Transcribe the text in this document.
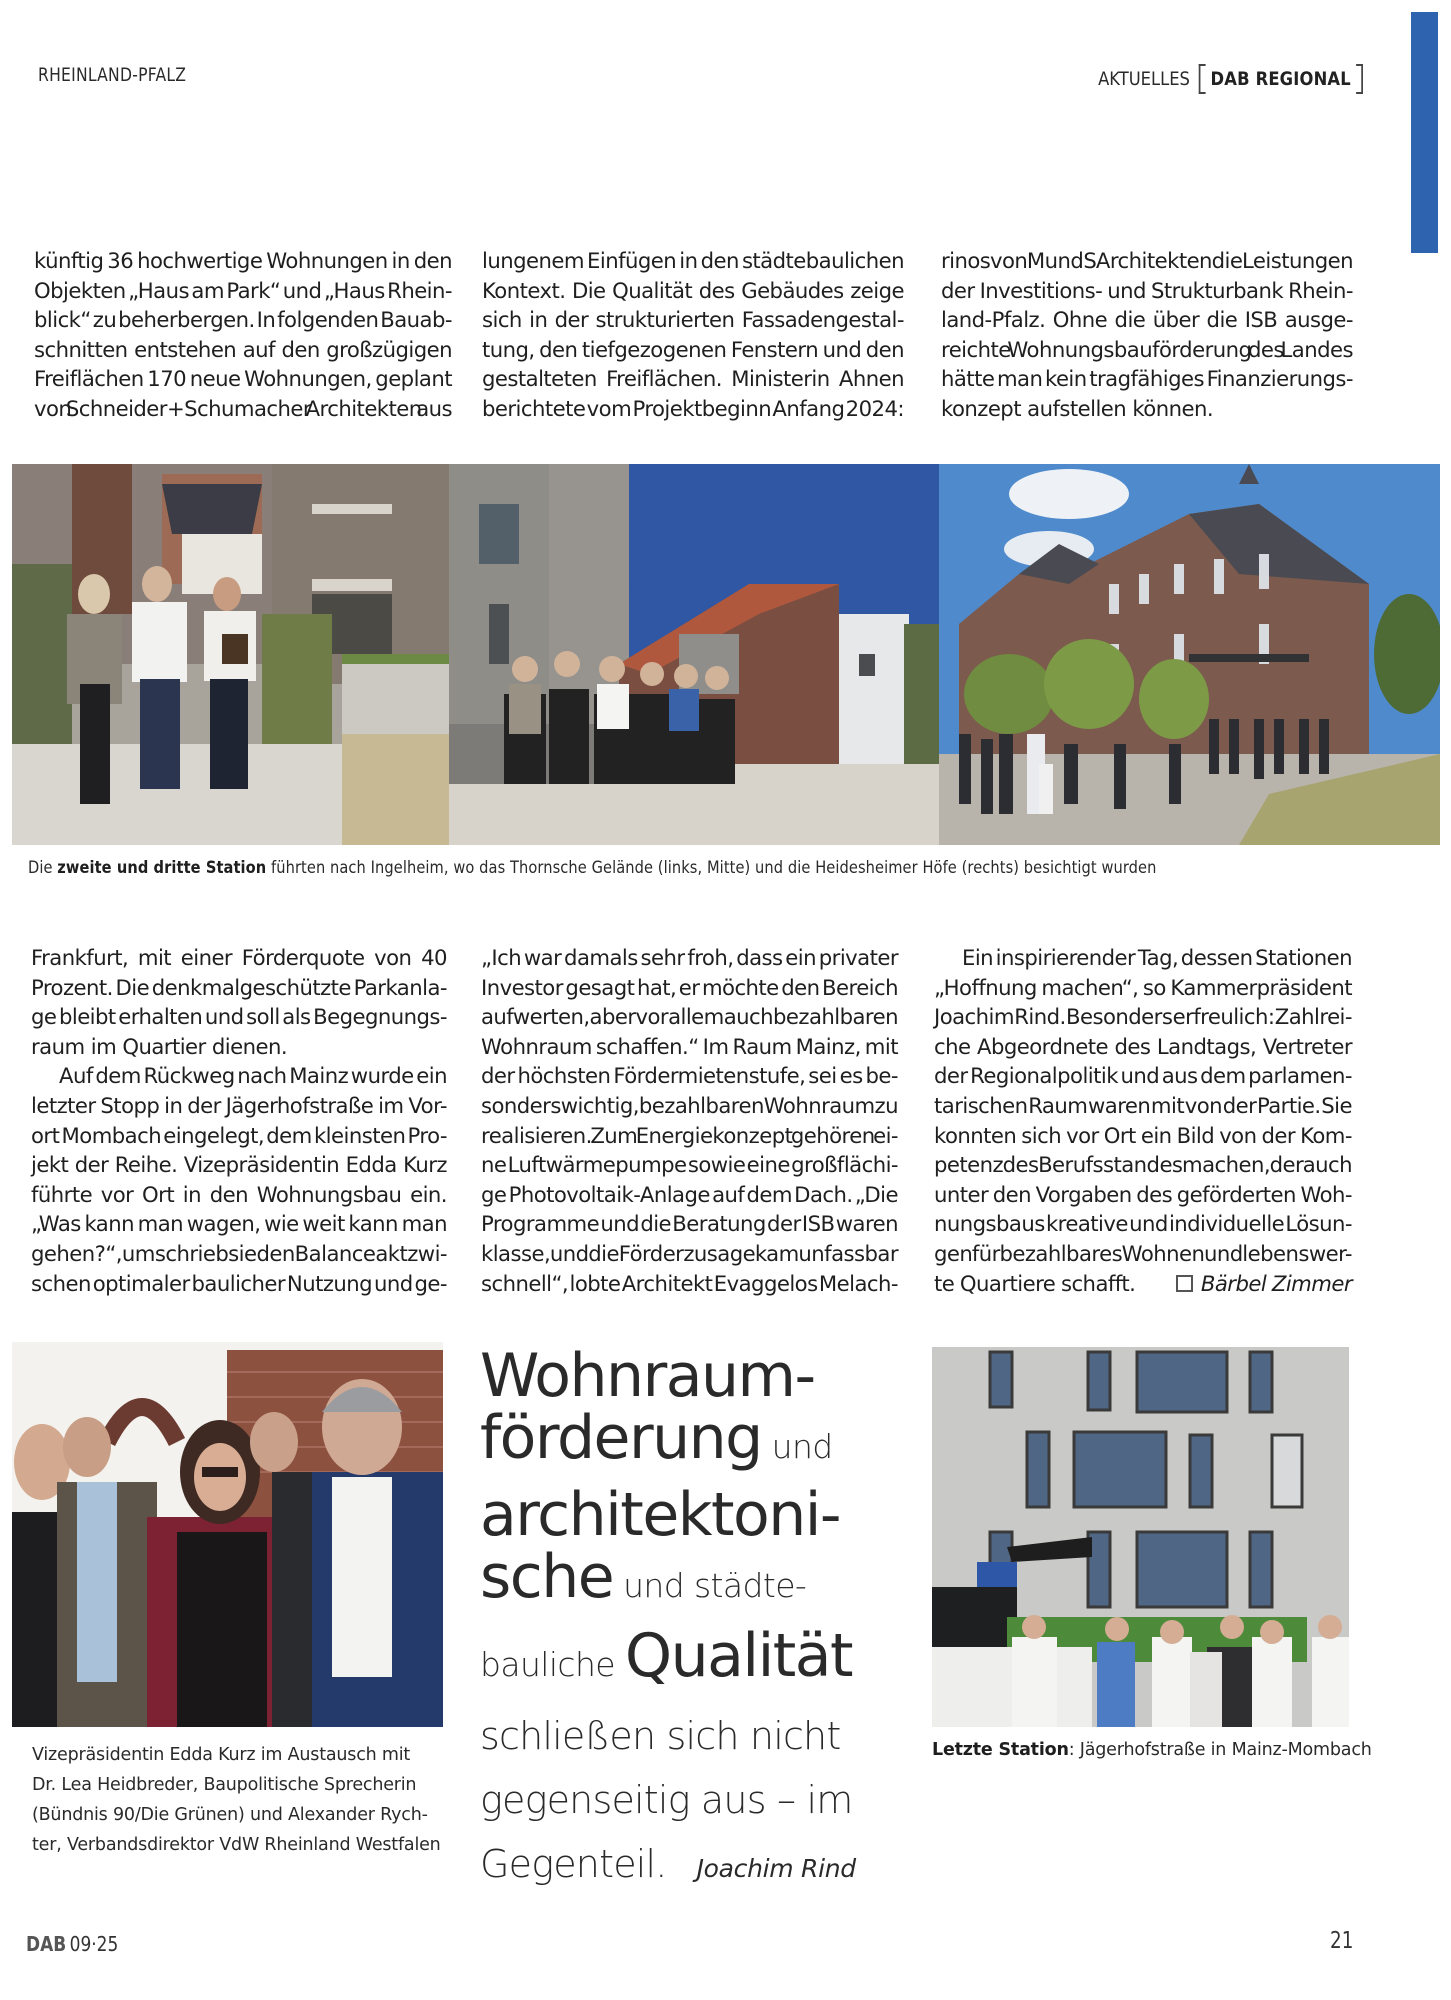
RHEINLAND-PFALZ	AKTUELLES DAB REGIONAL
künftig 36 hochwertige Wohnungen in den
Objekten „Haus am Park“ und „Haus Rhein-
blick“ zu beherbergen. In folgenden Bauab-
schnitten entstehen auf den großzügigen
Freiflächen 170 neue Wohnungen, geplant
von Schneider+Schumacher Architekten aus
lungenem Einfügen in den städtebaulichen
Kontext. Die Qualität des Gebäudes zeige
sich in der strukturierten Fassadengestal-
tung, den tiefgezogenen Fenstern und den
gestalteten Freiflächen. Ministerin Ahnen
berichtete vom Projektbeginn Anfang 2024:
rinos von MundS Architekten die Leistungen
der Investitions- und Strukturbank Rhein-
land-Pfalz. Ohne die über die ISB ausge-
reichte Wohnungsbauförderung des Landes
hätte man kein tragfähiges Finanzierungs-
konzept aufstellen können.
Die zweite und dritte Station führten nach Ingelheim, wo das Thornsche Gelände (links, Mitte) und die Heidesheimer Höfe (rechts) besichtigt wurden
Frankfurt, mit einer Förderquote von 40
Prozent. Die denkmalgeschützte Parkanla-
ge bleibt erhalten und soll als Begegnungs-
raum im Quartier dienen.
Auf dem Rückweg nach Mainz wurde ein
letzter Stopp in der Jägerhofstraße im Vor-
ort Mombach eingelegt, dem kleinsten Pro-
jekt der Reihe. Vizepräsidentin Edda Kurz
führte vor Ort in den Wohnungsbau ein.
„Was kann man wagen, wie weit kann man
gehen?“, umschrieb sie den Balanceakt zwi-
schen optimaler baulicher Nutzung und ge-
„Ich war damals sehr froh, dass ein privater
Investor gesagt hat, er möchte den Bereich
aufwerten, aber vor allem auch bezahlbaren
Wohnraum schaffen.“ Im Raum Mainz, mit
der höchsten Fördermietenstufe, sei es be-
sonders wichtig, bezahlbaren Wohnraum zu
realisieren. Zum Energiekonzept gehören ei-
ne Luftwärmepumpe sowie eine großflächi-
ge Photovoltaik-Anlage auf dem Dach. „Die
Programme und die Beratung der ISB waren
klasse, und die Förderzusage kam unfassbar
schnell“, lobte Architekt Evaggelos Melach-
Ein inspirierender Tag, dessen Stationen
„Hoffnung machen“, so Kammerpräsident
Joachim Rind. Besonders erfreulich: Zahlrei-
che Abgeordnete des Landtags, Vertreter
der Regionalpolitik und aus dem parlamen-
tarischen Raum waren mit von der Partie. Sie
konnten sich vor Ort ein Bild von der Kom-
petenz des Berufsstandes machen, der auch
unter den Vorgaben des geförderten Woh-
nungsbaus kreative und individuelle Lösun-
gen für bezahlbares Wohnen und lebenswer-
te Quartiere schafft.	Bärbel Zimmer
Wohnraum-
förderung und
architektoni-
sche und städte-
bauliche Qualität
schließen sich nicht
gegenseitig aus – im
Gegenteil. Joachim Rind
Vizepräsidentin Edda Kurz im Austausch mit
Dr. Lea Heidbreder, Baupolitische Sprecherin
(Bündnis 90/Die Grünen) und Alexander Rych-
ter, Verbandsdirektor VdW Rheinland Westfalen
Letzte Station: Jägerhofstraße in Mainz-Mombach
DAB 09·25	21
